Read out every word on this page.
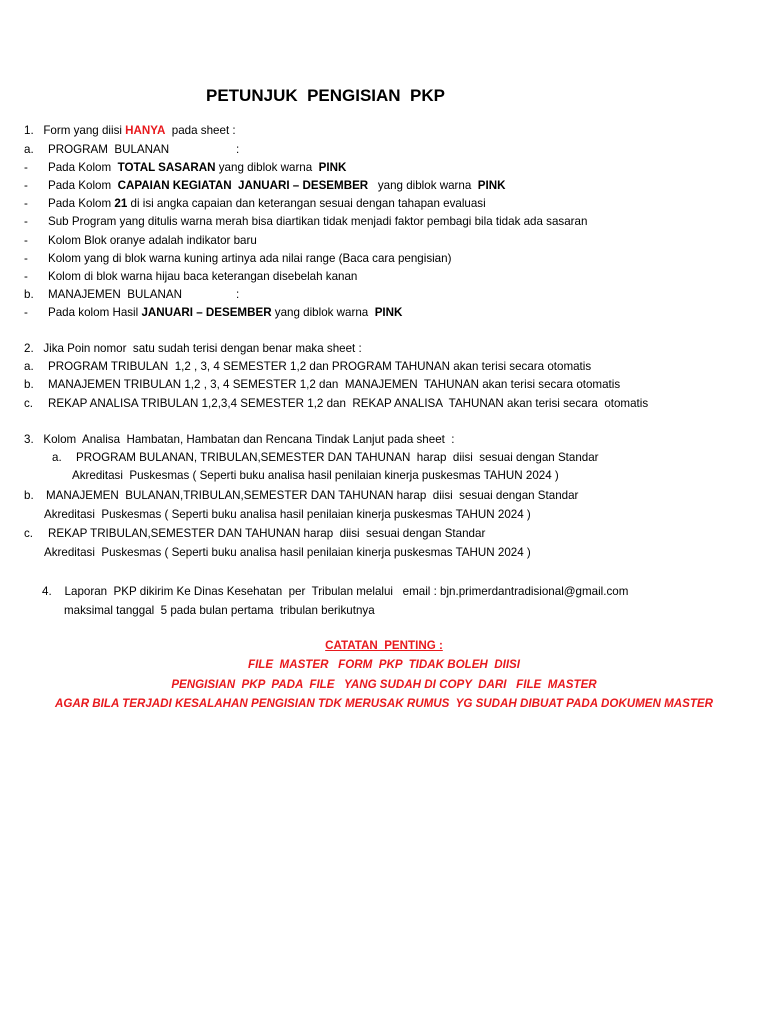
PETUNJUK  PENGISIAN  PKP
1.   Form yang diisi HANYA  pada sheet :
a. PROGRAM  BULANAN	:
- Pada Kolom  TOTAL SASARAN yang diblok warna  PINK
- Pada Kolom  CAPAIAN KEGIATAN  JANUARI – DESEMBER   yang diblok warna  PINK
- Pada Kolom 21 di isi angka capaian dan keterangan sesuai dengan tahapan evaluasi
- Sub Program yang ditulis warna merah bisa diartikan tidak menjadi faktor pembagi bila tidak ada sasaran
- Kolom Blok oranye adalah indikator baru
- Kolom yang di blok warna kuning artinya ada nilai range (Baca cara pengisian)
- Kolom di blok warna hijau baca keterangan disebelah kanan
b. MANAJEMEN  BULANAN	:
- Pada kolom Hasil JANUARI – DESEMBER yang diblok warna  PINK
2.   Jika Poin nomor  satu sudah terisi dengan benar maka sheet :
a. PROGRAM TRIBULAN  1,2 , 3, 4 SEMESTER 1,2 dan PROGRAM TAHUNAN akan terisi secara otomatis
b. MANAJEMEN TRIBULAN 1,2 , 3, 4 SEMESTER 1,2 dan  MANAJEMEN  TAHUNAN akan terisi secara otomatis
c. REKAP ANALISA TRIBULAN 1,2,3,4 SEMESTER 1,2 dan  REKAP ANALISA  TAHUNAN akan terisi secara  otomatis
3.   Kolom  Analisa  Hambatan, Hambatan dan Rencana Tindak Lanjut pada sheet  :
a. PROGRAM BULANAN, TRIBULAN,SEMESTER DAN TAHUNAN  harap  diisi  sesuai dengan Standar
Akreditasi  Puskesmas ( Seperti buku analisa hasil penilaian kinerja puskesmas TAHUN 2024 )
b. MANAJEMEN  BULANAN,TRIBULAN,SEMESTER DAN TAHUNAN harap  diisi  sesuai dengan Standar
Akreditasi  Puskesmas ( Seperti buku analisa hasil penilaian kinerja puskesmas TAHUN 2024 )
c. REKAP TRIBULAN,SEMESTER DAN TAHUNAN harap  diisi  sesuai dengan Standar
Akreditasi  Puskesmas ( Seperti buku analisa hasil penilaian kinerja puskesmas TAHUN 2024 )
4.    Laporan  PKP dikirim Ke Dinas Kesehatan  per  Tribulan melalui   email : bjn.primerdantradisional@gmail.com
maksimal tanggal  5 pada bulan pertama  tribulan berikutnya
CATATAN  PENTING :
FILE  MASTER   FORM  PKP  TIDAK BOLEH  DIISI
PENGISIAN  PKP  PADA  FILE   YANG SUDAH DI COPY  DARI   FILE  MASTER
AGAR BILA TERJADI KESALAHAN PENGISIAN TDK MERUSAK RUMUS  YG SUDAH DIBUAT PADA DOKUMEN MASTER
